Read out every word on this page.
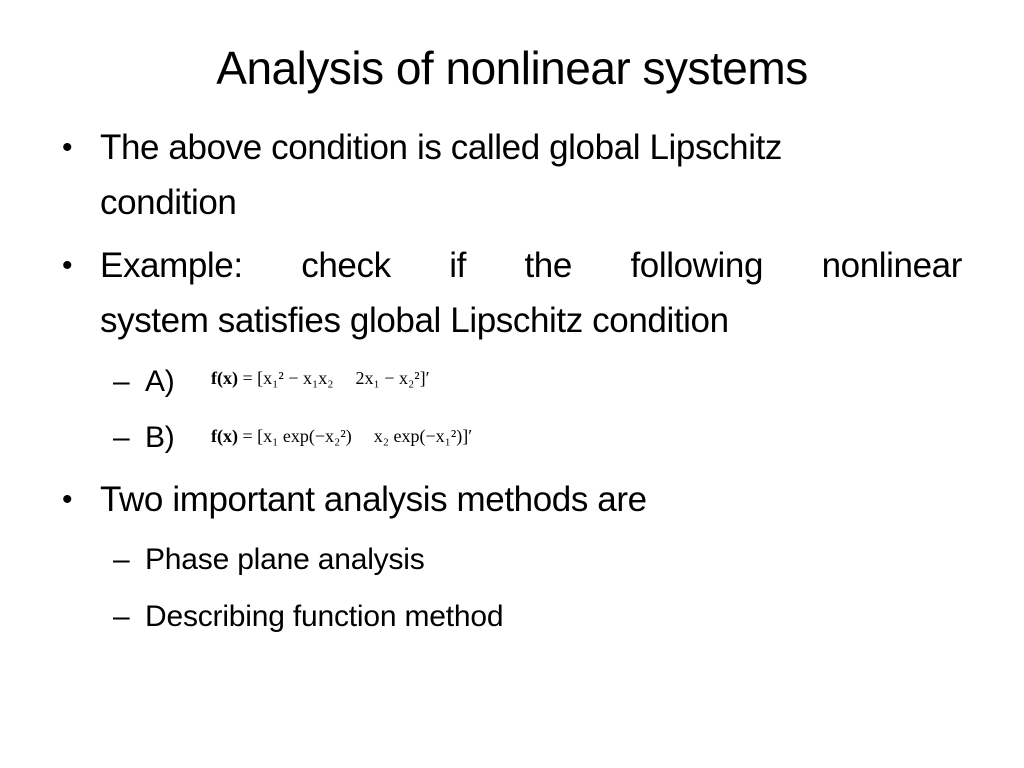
Analysis of nonlinear systems
• The above condition is called global Lipschitz
condition
• Example: check if the following nonlinear
system satisfies global Lipschitz condition
– A) f(x) = [x₁² − x₁x₂ 2x₁ − x₂²]′
– B) f(x) = [x₁ exp(−x₂²) x₂ exp(−x₁²)]′
• Two important analysis methods are
– Phase plane analysis
– Describing function method
